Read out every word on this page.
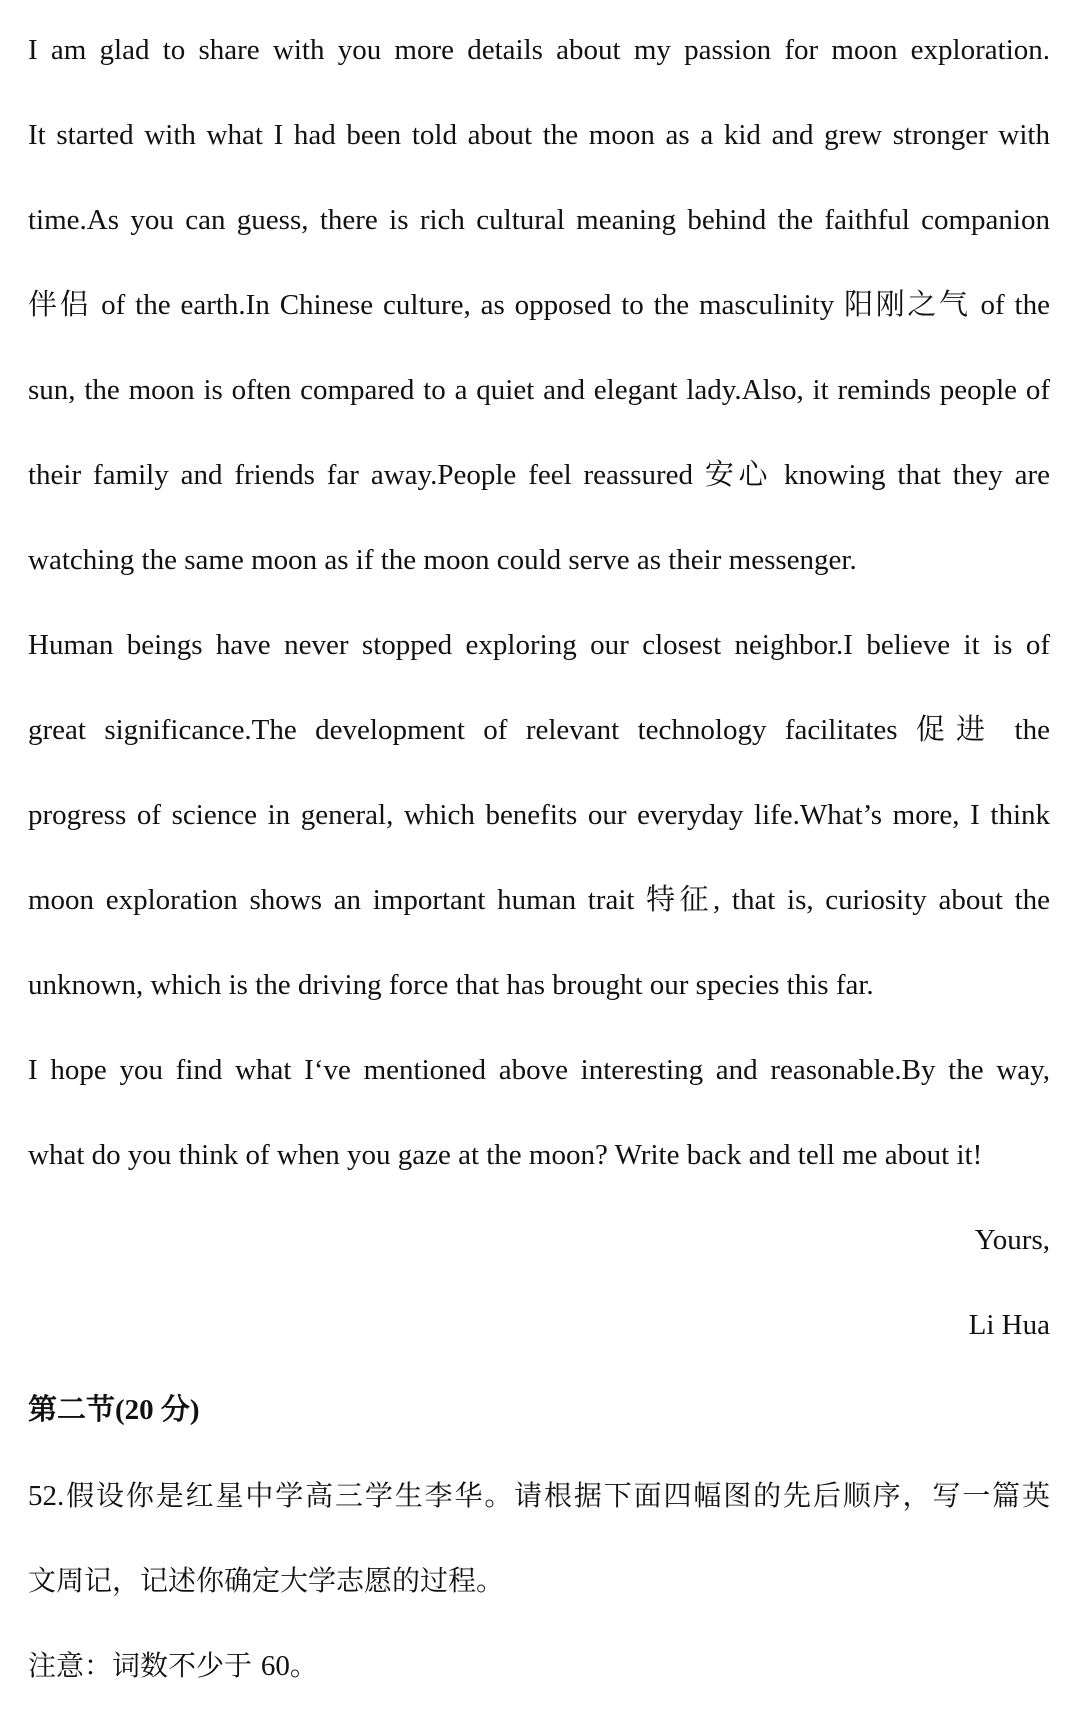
I am glad to share with you more details about my passion for moon exploration.
It started with what I had been told about the moon as a kid and grew stronger with
time.As you can guess, there is rich cultural meaning behind the faithful companion
伴侣 of the earth.In Chinese culture, as opposed to the masculinity 阳刚之气 of the
sun, the moon is often compared to a quiet and elegant lady.Also, it reminds people of
their family and friends far away.People feel reassured 安心 knowing that they are
watching the same moon as if the moon could serve as their messenger.
Human beings have never stopped exploring our closest neighbor.I believe it is of
great significance.The development of relevant technology facilitates 促进 the
progress of science in general, which benefits our everyday life.What’s more, I think
moon exploration shows an important human trait 特征, that is, curiosity about the
unknown, which is the driving force that has brought our species this far.
I hope you find what I‘ve mentioned above interesting and reasonable.By the way,
what do you think of when you gaze at the moon? Write back and tell me about it!
Yours,
Li Hua
第二节(20 分)
52.假设你是红星中学高三学生李华。请根据下面四幅图的先后顺序，写一篇英
文周记，记述你确定大学志愿的过程。
注意：词数不少于 60。
